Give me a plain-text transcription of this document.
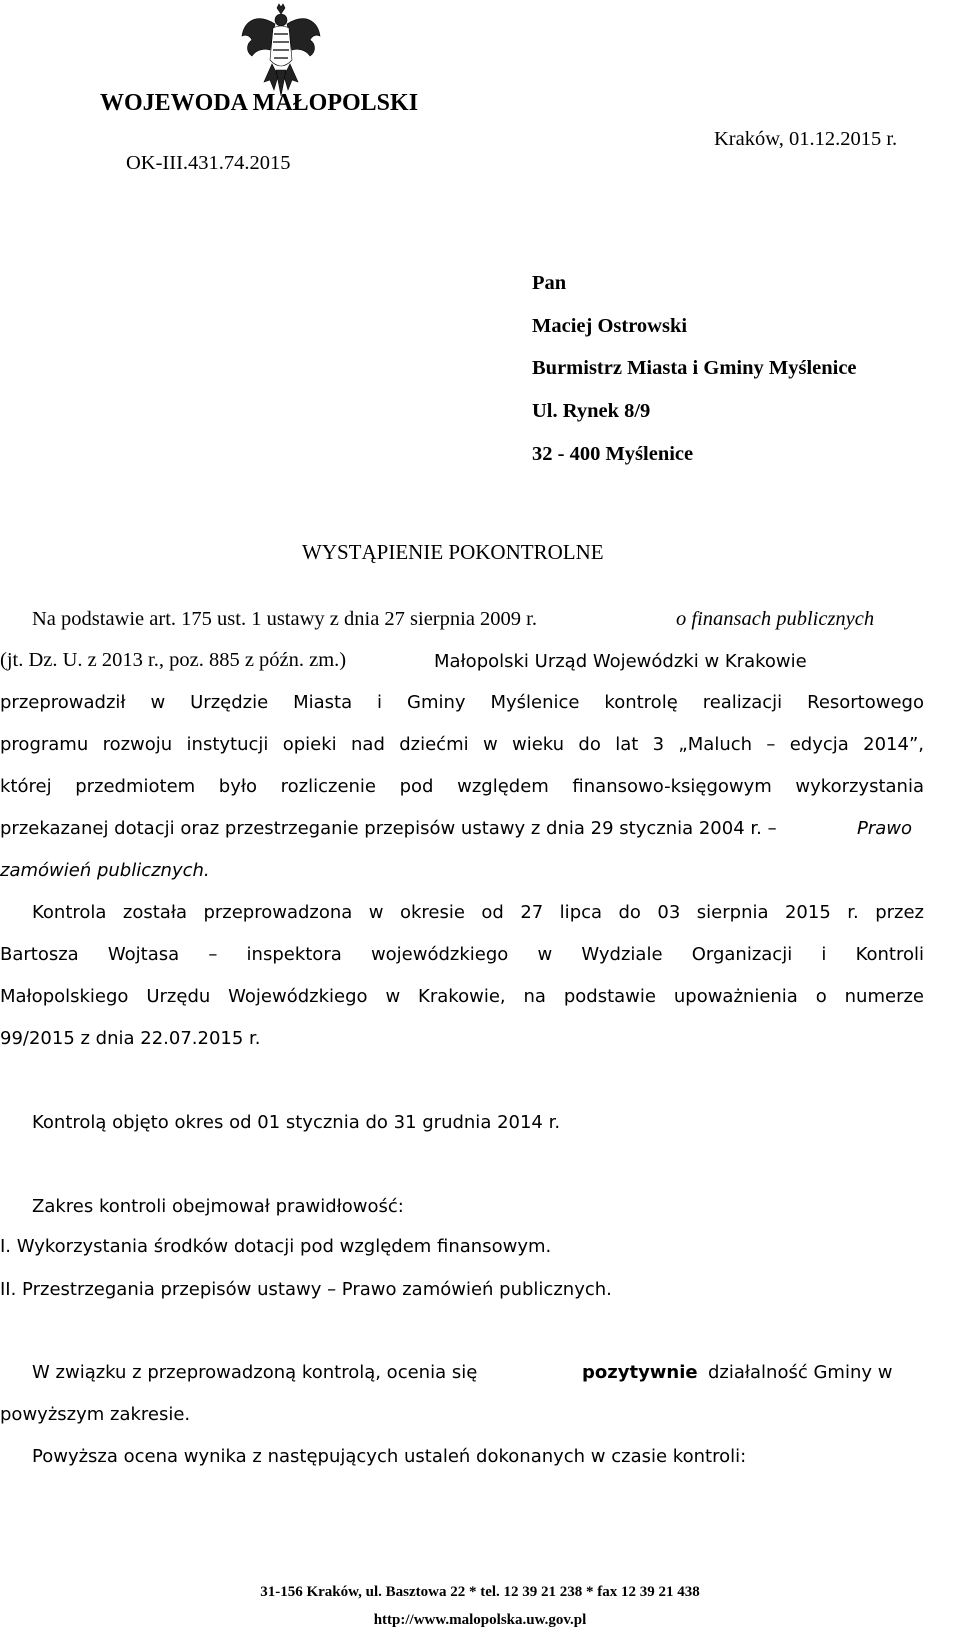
WOJEWODA MAŁOPOLSKI
OK-III.431.74.2015
Kraków, 01.12.2015 r.
Pan
Maciej Ostrowski
Burmistrz Miasta i Gminy Myślenice
Ul. Rynek 8/9
32 - 400 Myślenice
WYSTĄPIENIE POKONTROLNE
Na podstawie art. 175 ust. 1 ustawy z dnia 27 sierpnia 2009 r.	o finansach publicznych
(jt. Dz. U. z 2013 r., poz. 885 z późn. zm.)	Małopolski Urząd Wojewódzki w Krakowie
przeprowadził w Urzędzie Miasta i Gminy Myślenice kontrolę realizacji Resortowego
programu rozwoju instytucji opieki nad dziećmi w wieku do lat 3 „Maluch – edycja 2014”,
której przedmiotem było rozliczenie pod względem finansowo-księgowym wykorzystania
przekazanej dotacji oraz przestrzeganie przepisów ustawy z dnia 29 stycznia 2004 r. –	Prawo
zamówień publicznych.
Kontrola została przeprowadzona w okresie od 27 lipca do 03 sierpnia 2015 r. przez
Bartosza Wojtasa – inspektora wojewódzkiego w Wydziale Organizacji i Kontroli
Małopolskiego Urzędu Wojewódzkiego w Krakowie, na podstawie upoważnienia o numerze
99/2015 z dnia 22.07.2015 r.
Kontrolą objęto okres od 01 stycznia do 31 grudnia 2014 r.
Zakres kontroli obejmował prawidłowość:
I. Wykorzystania środków dotacji pod względem finansowym.
II. Przestrzegania przepisów ustawy – Prawo zamówień publicznych.
W związku z przeprowadzoną kontrolą, ocenia się	pozytywnie działalność Gminy w
powyższym zakresie.
Powyższa ocena wynika z następujących ustaleń dokonanych w czasie kontroli:
31-156 Kraków, ul. Basztowa 22 * tel. 12 39 21 238 * fax 12 39 21 438
http://www.malopolska.uw.gov.pl
